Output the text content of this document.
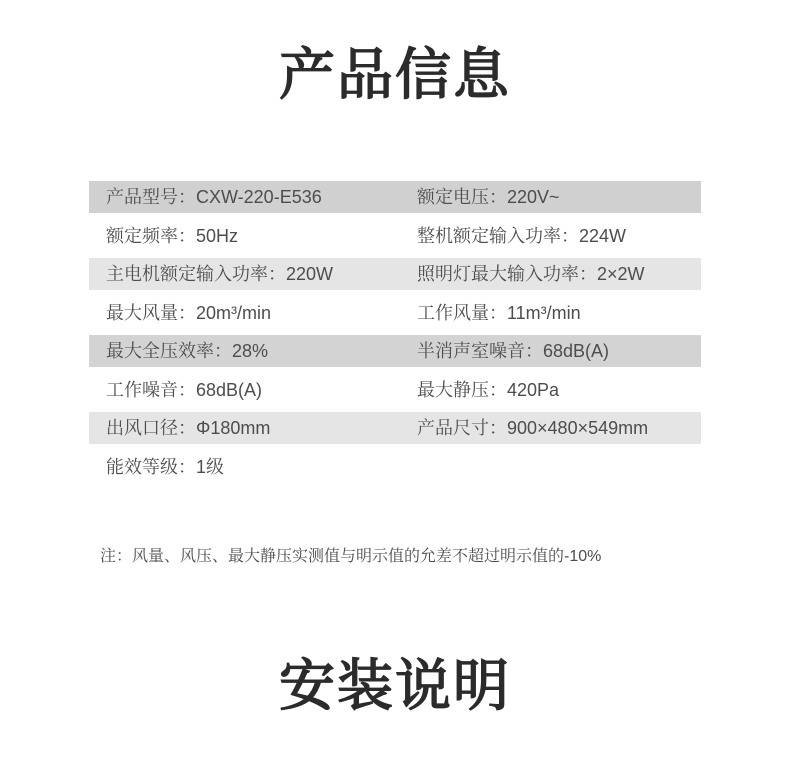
产品信息
产品型号：CXW-220-E536	额定电压：220V~
额定频率：50Hz	整机额定输入功率：224W
主电机额定输入功率：220W	照明灯最大输入功率：2×2W
最大风量：20m³/min	工作风量：11m³/min
最大全压效率：28%	半消声室噪音：68dB(A)
工作噪音：68dB(A)	最大静压：420Pa
出风口径：Φ180mm	产品尺寸：900×480×549mm
能效等级：1级

注：风量、风压、最大静压实测值与明示值的允差不超过明示值的-10%

安装说明
